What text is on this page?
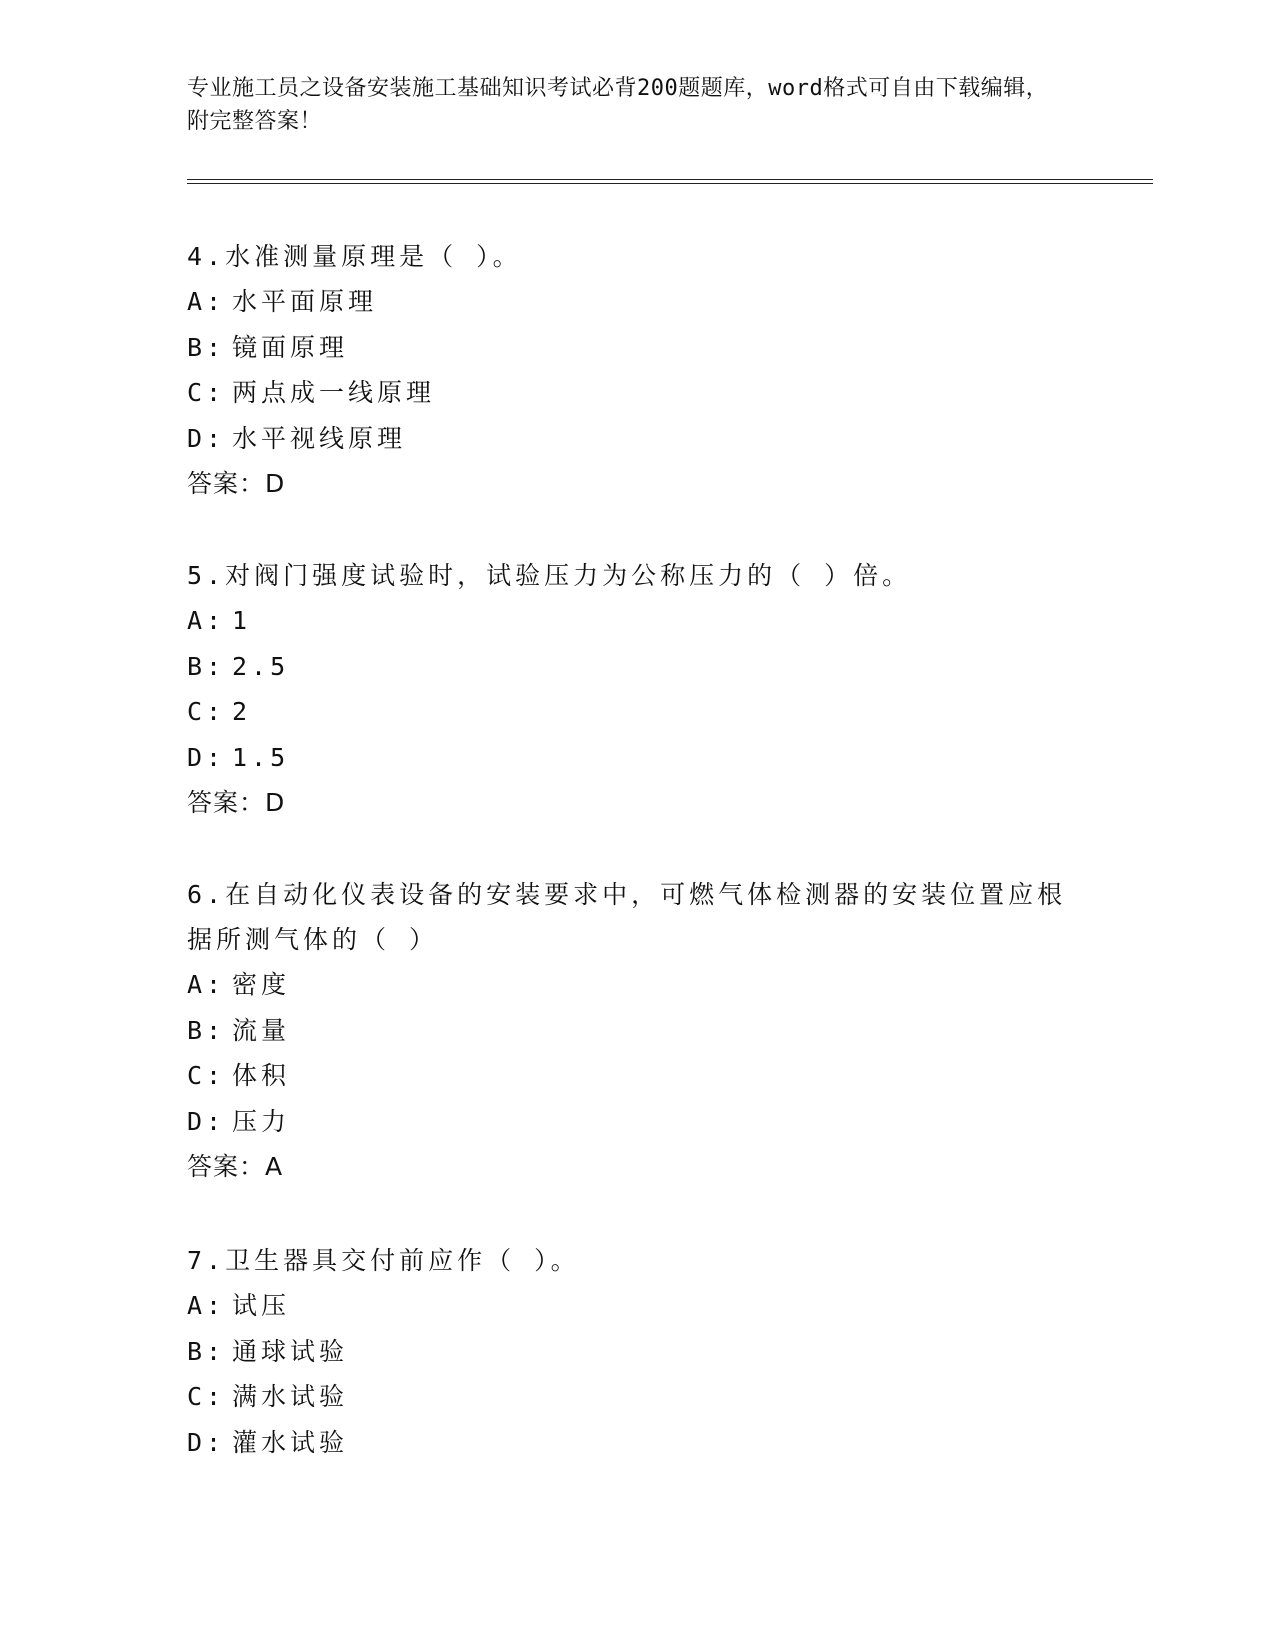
专业施工员之设备安装施工基础知识考试必背200题题库，word格式可自由下载编辑，附完整答案！
4.水准测量原理是（ ）。
A: 水平面原理
B: 镜面原理
C: 两点成一线原理
D: 水平视线原理
答案：D
5.对阀门强度试验时，试验压力为公称压力的（ ）倍。
A: 1
B: 2.5
C: 2
D: 1.5
答案：D
6.在自动化仪表设备的安装要求中，可燃气体检测器的安装位置应根据所测气体的（ ）
A: 密度
B: 流量
C: 体积
D: 压力
答案：A
7.卫生器具交付前应作（ ）。
A: 试压
B: 通球试验
C: 满水试验
D: 灌水试验
